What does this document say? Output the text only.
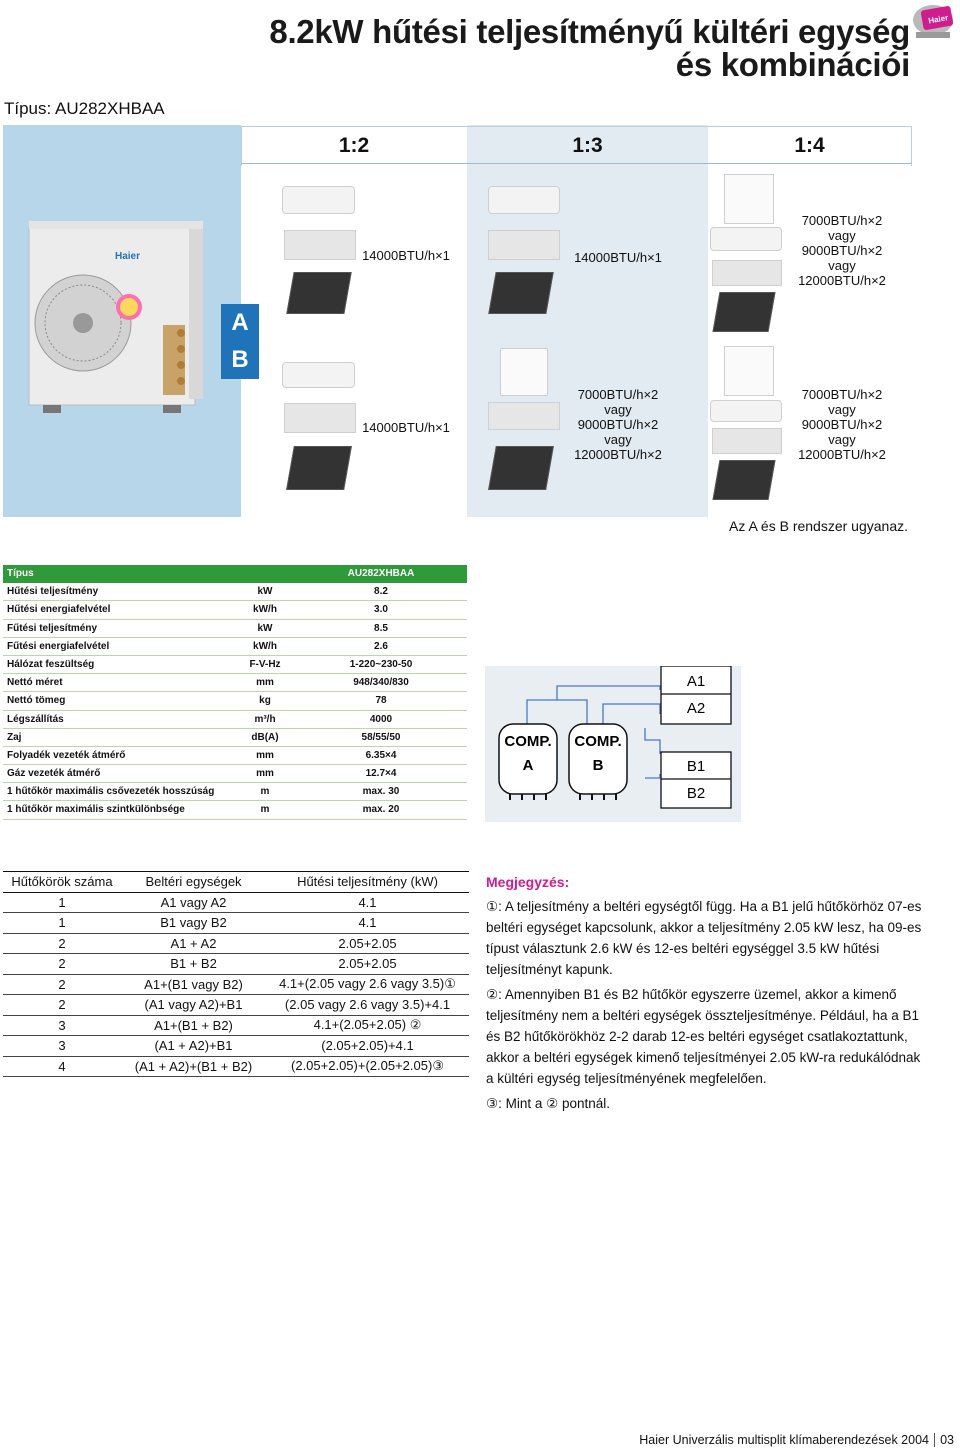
8.2kW hűtési teljesítményű kültéri egység
és kombinációi
Haier
Típus: AU282XHBAA
Haier
1:2	1:3	1:4
A
B
14000BTU/h×1
14000BTU/h×1
14000BTU/h×1
7000BTU/h×2
vagy
9000BTU/h×2
vagy
12000BTU/h×2
7000BTU/h×2
vagy
9000BTU/h×2
vagy
12000BTU/h×2
7000BTU/h×2
vagy
9000BTU/h×2
vagy
12000BTU/h×2
Az A és B rendszer ugyanaz.
Típus	AU282XHBAA
Hűtési teljesítmény	kW	8.2
Hűtési energiafelvétel	kW/h	3.0
Fűtési teljesítmény	kW	8.5
Fűtési energiafelvétel	kW/h	2.6
Hálózat feszültség	F-V-Hz	1-220~230-50
Nettó méret	mm	948/340/830
Nettó tömeg	kg	78
Légszállítás	m³/h	4000
Zaj	dB(A)	58/55/50
Folyadék vezeték átmérő	mm	6.35×4
Gáz vezeték átmérő	mm	12.7×4
1 hűtőkör maximális csővezeték hosszúság	m	max. 30
1 hűtőkör maximális szintkülönbsége	m	max. 20
COMP.
A
COMP.
B
A1
A2
B1
B2
Hűtőkörök száma	Beltéri egységek	Hűtési teljesítmény (kW)
1	A1 vagy A2	4.1
1	B1 vagy B2	4.1
2	A1 + A2	2.05+2.05
2	B1 + B2	2.05+2.05
2	A1+(B1 vagy B2)	4.1+(2.05 vagy 2.6 vagy 3.5)①
2	(A1 vagy A2)+B1	(2.05 vagy 2.6 vagy 3.5)+4.1
3	A1+(B1 + B2)	4.1+(2.05+2.05) ②
3	(A1 + A2)+B1	(2.05+2.05)+4.1
4	(A1 + A2)+(B1 + B2)	(2.05+2.05)+(2.05+2.05)③
Megjegyzés:

①: A teljesítmény a beltéri egységtől függ. Ha a B1 jelű hűtőkörhöz 07-es beltéri egységet kapcsolunk, akkor a teljesítmény 2.05 kW lesz, ha 09-es típust választunk 2.6 kW és 12-es beltéri egységgel 3.5 kW hűtési teljesítményt kapunk.

②: Amennyiben B1 és B2 hűtőkör egyszerre üzemel, akkor a kimenő teljesítmény nem a beltéri egységek összteljesítménye. Például, ha a B1 és B2 hűtőkörökhöz 2-2 darab 12-es beltéri egységet csatlakoztattunk, akkor a beltéri egységek kimenő teljesítményei 2.05 kW-ra redukálódnak a kültéri egység teljesítményének megfelelően.

③: Mint a ② pontnál.

Haier Univerzális multisplit klímaberendezések 2004 03
